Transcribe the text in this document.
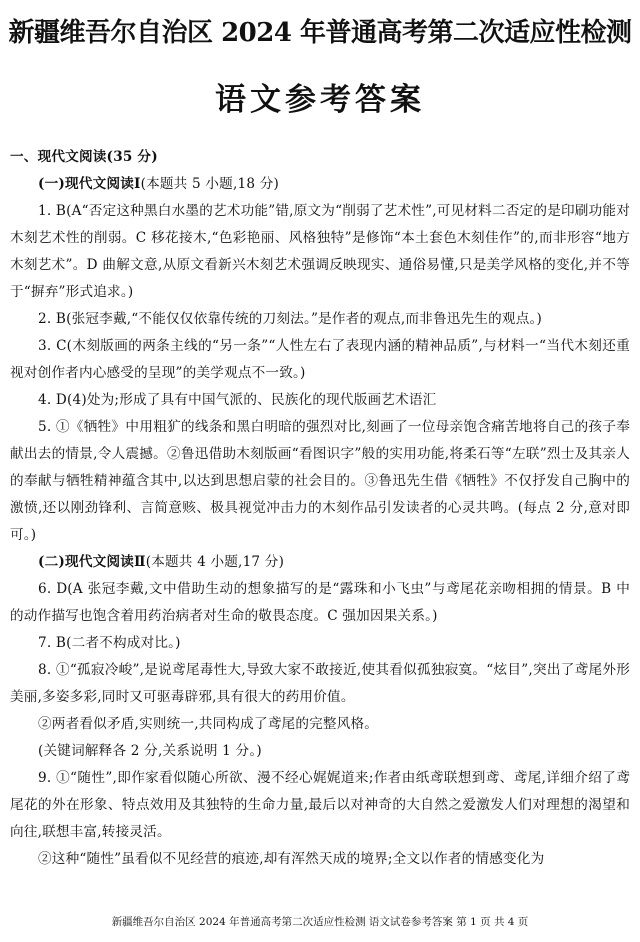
新疆维吾尔自治区 2024 年普通高考第二次适应性检测
语文参考答案

一、现代文阅读(35 分)

(一)现代文阅读Ⅰ(本题共 5 小题,18 分)

1. B(A“否定这种黑白水墨的艺术功能”错,原文为“削弱了艺术性”,可见材料二否定的是印刷功能对木刻艺术性的削弱。C 移花接木,“色彩艳丽、风格独特”是修饰“本土套色木刻佳作”的,而非形容“地方木刻艺术”。D 曲解文意,从原文看新兴木刻艺术强调反映现实、通俗易懂,只是美学风格的变化,并不等于“摒弃”形式追求。)

2. B(张冠李戴,“不能仅仅依靠传统的刀刻法。”是作者的观点,而非鲁迅先生的观点。)

3. C(木刻版画的两条主线的“另一条”“人性左右了表现内涵的精神品质”,与材料一“当代木刻还重视对创作者内心感受的呈现”的美学观点不一致。)

4. D(4)处为;形成了具有中国气派的、民族化的现代版画艺术语汇

5. ①《牺牲》中用粗犷的线条和黑白明暗的强烈对比,刻画了一位母亲饱含痛苦地将自己的孩子奉献出去的情景,令人震撼。②鲁迅借助木刻版画“看图识字”般的实用功能,将柔石等“左联”烈士及其亲人的奉献与牺牲精神蕴含其中,以达到思想启蒙的社会目的。③鲁迅先生借《牺牲》不仅抒发自己胸中的激愤,还以刚劲锋利、言简意赅、极具视觉冲击力的木刻作品引发读者的心灵共鸣。(每点 2 分,意对即可。)

(二)现代文阅读Ⅱ(本题共 4 小题,17 分)

6. D(A 张冠李戴,文中借助生动的想象描写的是“露珠和小飞虫”与鸢尾花亲吻相拥的情景。B 中的动作描写也饱含着用药治病者对生命的敬畏态度。C 强加因果关系。)

7. B(二者不构成对比。)

8. ①“孤寂冷峻”,是说鸢尾毒性大,导致大家不敢接近,使其看似孤独寂寞。“炫目”,突出了鸢尾外形美丽,多姿多彩,同时又可驱毒辟邪,具有很大的药用价值。

②两者看似矛盾,实则统一,共同构成了鸢尾的完整风格。

(关键词解释各 2 分,关系说明 1 分。)

9. ①“随性”,即作家看似随心所欲、漫不经心娓娓道来;作者由纸鸢联想到鸢、鸢尾,详细介绍了鸢尾花的外在形象、特点效用及其独特的生命力量,最后以对神奇的大自然之爱激发人们对理想的渴望和向往,联想丰富,转接灵活。

②这种“随性”虽看似不见经营的痕迹,却有浑然天成的境界;全文以作者的情感变化为

新疆维吾尔自治区 2024 年普通高考第二次适应性检测 语文试卷参考答案 第 1 页 共 4 页
